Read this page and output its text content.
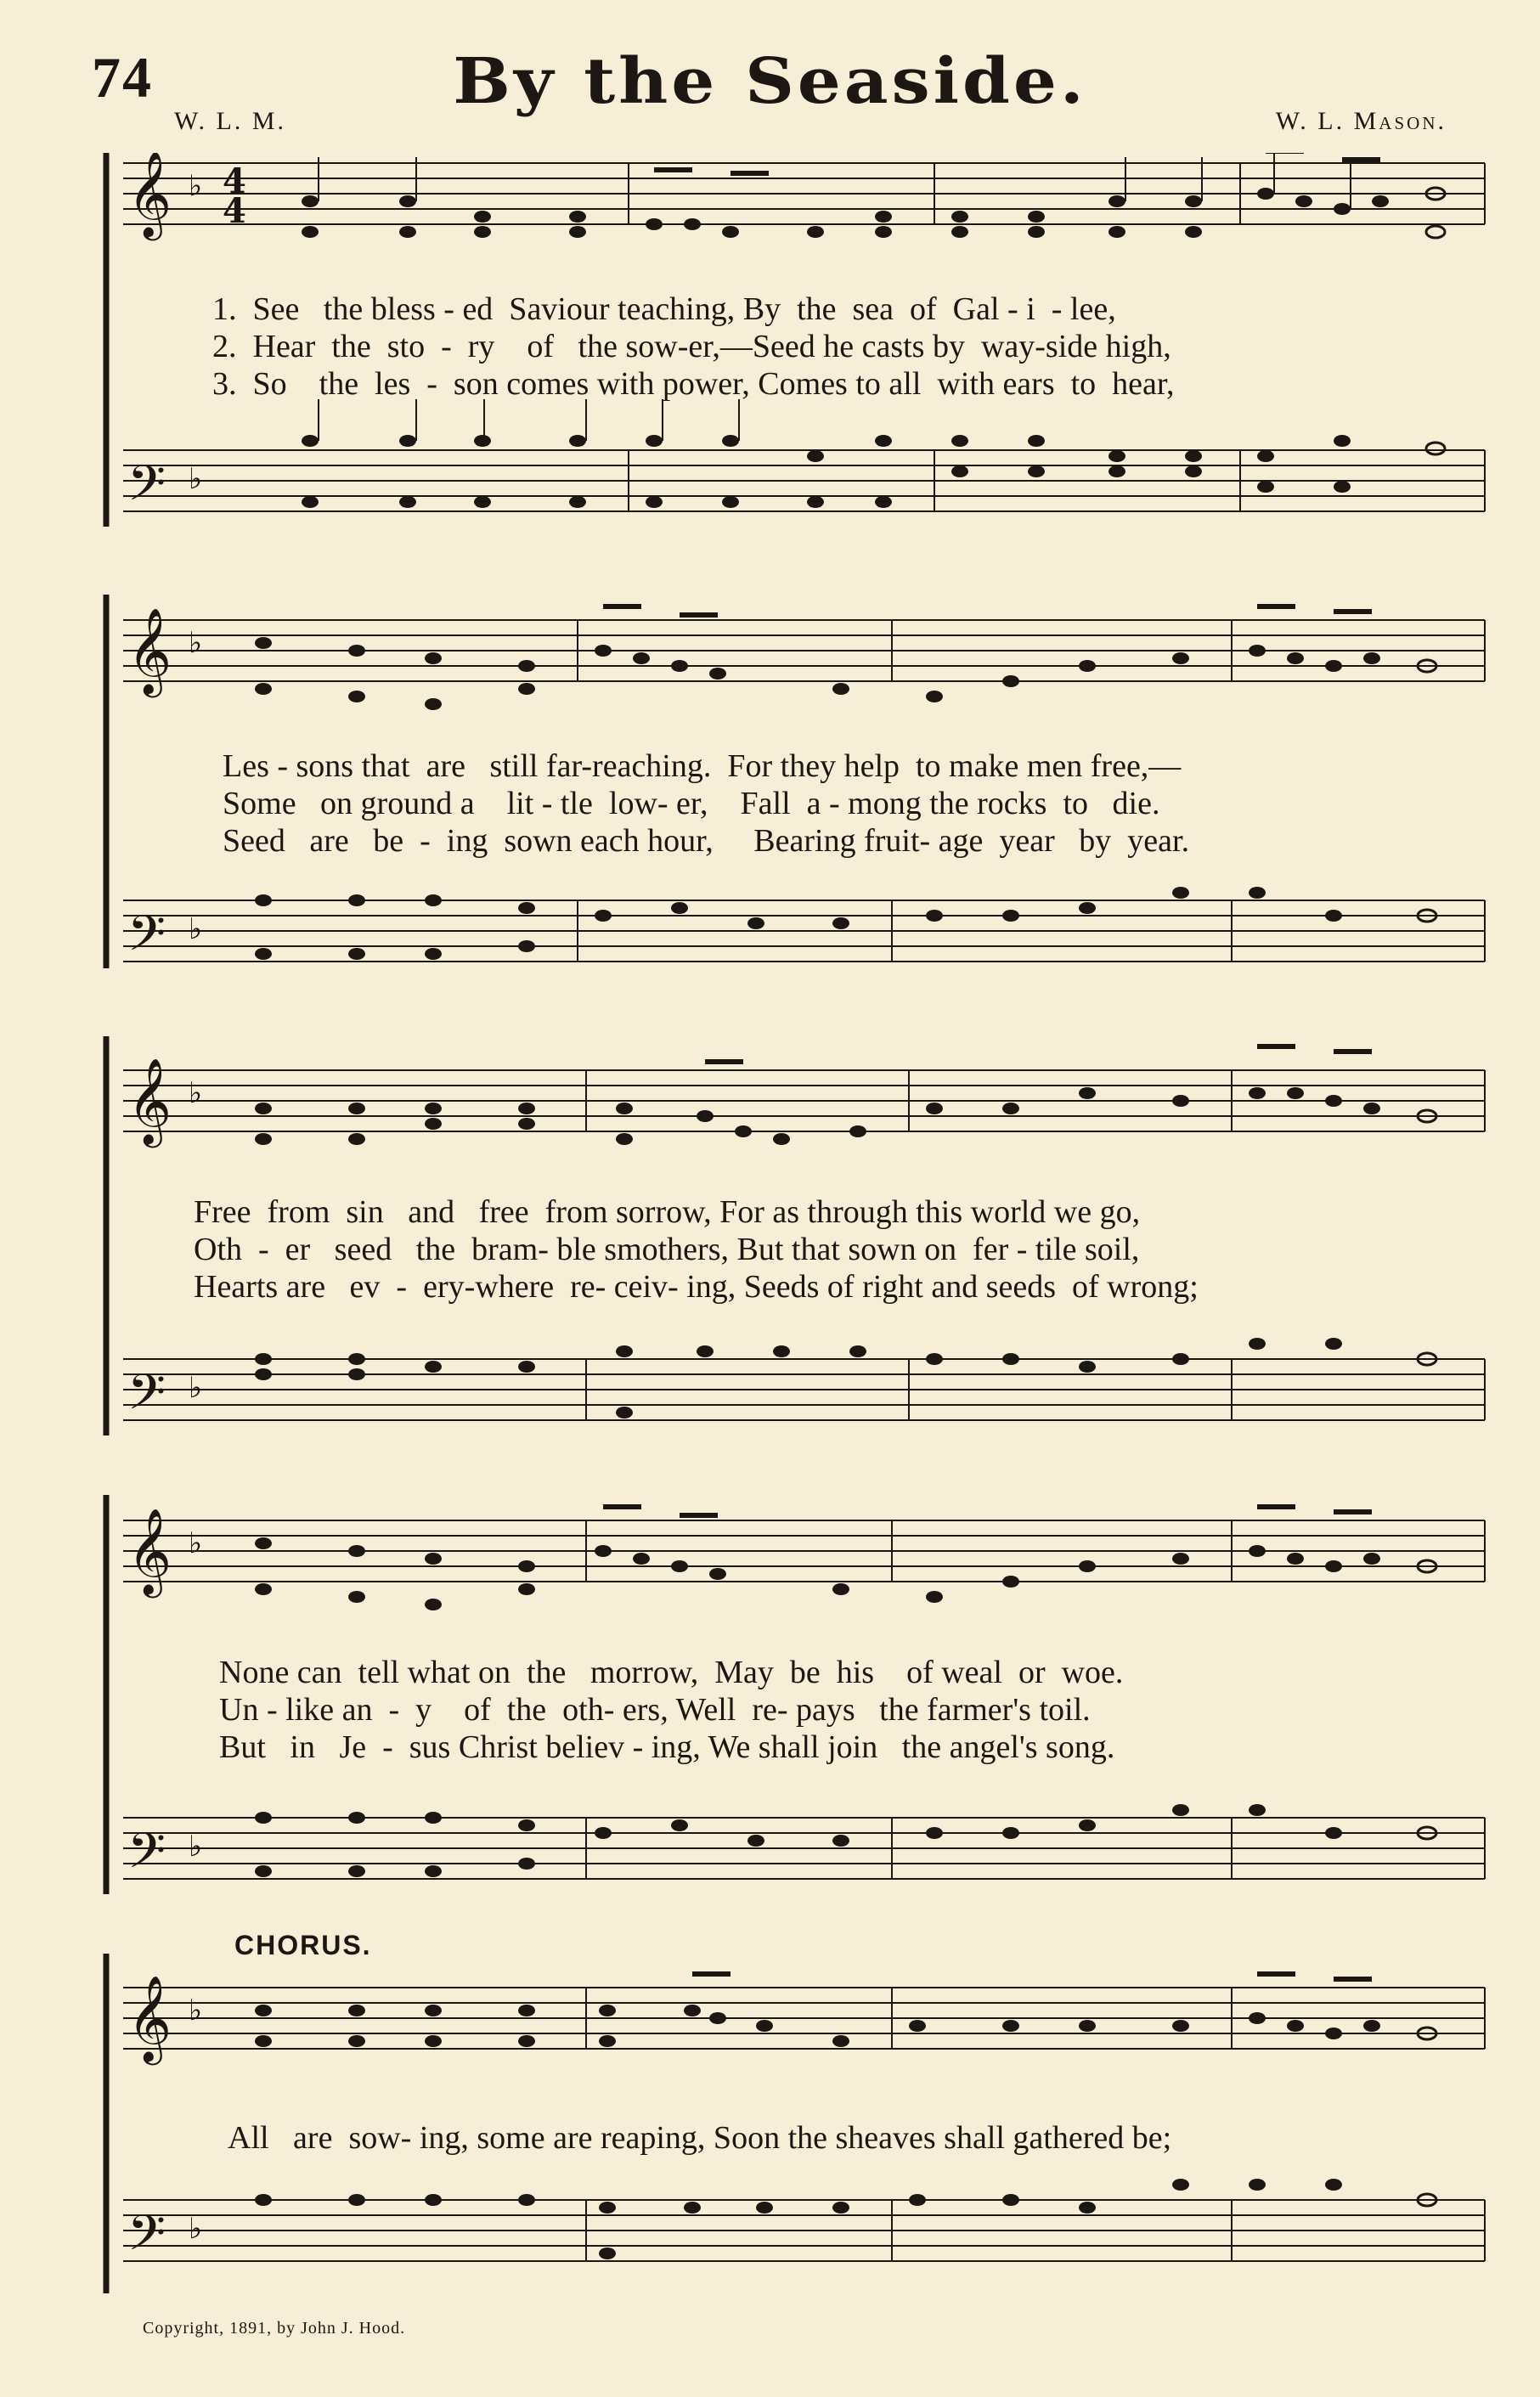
74	By the Seaside.
W. L. M.	W. L. Mason.
𝄞
𝄢
♭
♭
4
4
1.  See   the bless - ed  Saviour teaching, By  the  sea  of  Gal - i  - lee,
2.  Hear  the  sto  -  ry    of   the sow-er,—Seed he casts by  way-side high,
3.  So    the  les  -  son comes with power, Comes to all  with ears  to  hear,
𝄞
𝄢
♭
♭
Les - sons that  are   still far-reaching.  For they help  to make men free,—
Some   on ground a    lit - tle  low- er,    Fall  a - mong the rocks  to   die.
Seed   are   be  -  ing  sown each hour,     Bearing fruit- age  year   by  year.
𝄞
𝄢
♭
♭
Free  from  sin   and   free  from sorrow, For as through this world we go,
Oth  -  er   seed   the  bram- ble smothers, But that sown on  fer - tile soil,
Hearts are   ev  -  ery-where  re- ceiv- ing, Seeds of right and seeds  of wrong;
𝄞
𝄢
♭
♭
None can  tell what on  the   morrow,  May  be  his    of weal  or  woe.
Un - like an  -  y    of  the  oth- ers, Well  re- pays   the farmer's toil.
But   in   Je  -  sus Christ believ - ing, We shall join   the angel's song.
CHORUS.
𝄞
𝄢
♭
♭
All   are  sow- ing, some are reaping, Soon the sheaves shall gathered be;
Copyright, 1891, by John J. Hood.
